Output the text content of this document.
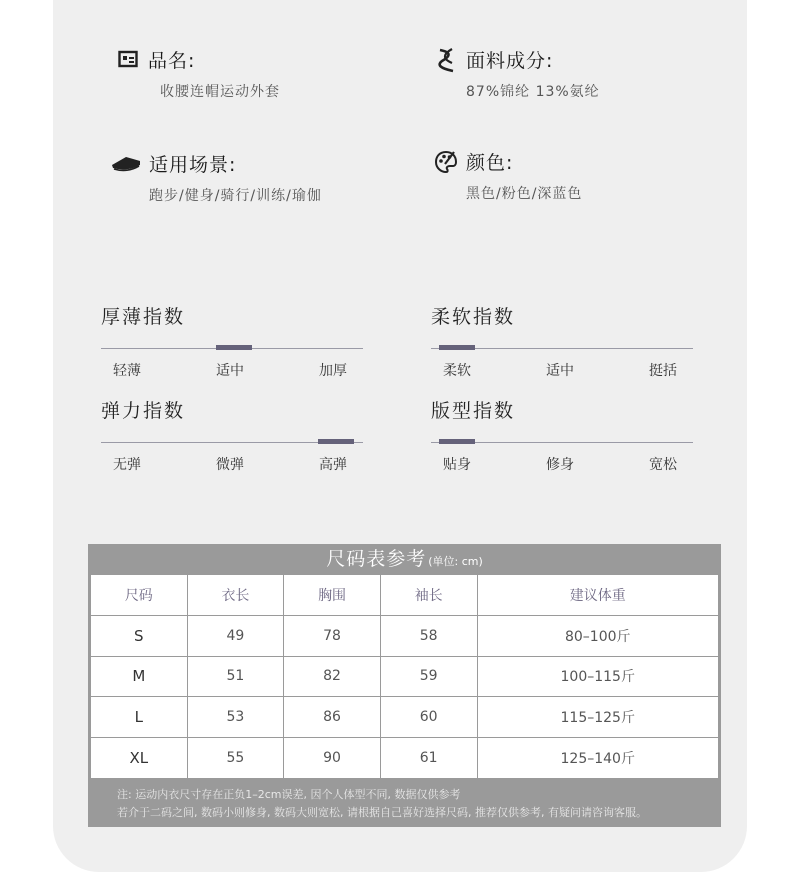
品名:
收腰连帽运动外套
面料成分:
87%锦纶 13%氨纶
适用场景:
跑步/健身/骑行/训练/瑜伽
颜色:
黑色/粉色/深蓝色
厚薄指数
轻薄	适中	加厚
柔软指数
柔软	适中	挺括
弹力指数
无弹	微弹	高弹
版型指数
贴身	修身	宽松
尺码表参考 (单位: cm)
尺码	衣长	胸围	袖长	建议体重
S	49	78	58	80–100斤
M	51	82	59	100–115斤
L	53	86	60	115–125斤
XL	55	90	61	125–140斤
注: 运动内衣尺寸存在正负1–2cm误差, 因个人体型不同, 数据仅供参考
若介于二码之间, 数码小则修身, 数码大则宽松, 请根据自己喜好选择尺码, 推荐仅供参考, 有疑问请咨询客服。
